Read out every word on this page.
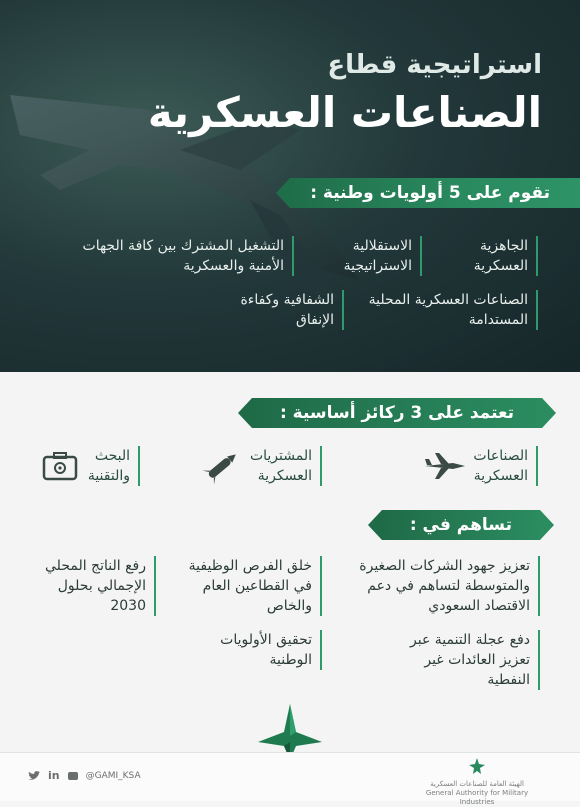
استراتيجية قطاع
الصناعات العسكرية
تقوم على 5 أولويات وطنية :
الجاهزية
العسكرية
الاستقلالية
الاستراتيجية
التشغيل المشترك بين كافة الجهات
الأمنية والعسكرية
الصناعات العسكرية المحلية
المستدامة
الشفافية وكفاءة
الإنفاق
تعتمد على 3 ركائز أساسية :
الصناعات
العسكرية
المشتريات
العسكرية
البحث
والتقنية
تساهم في :
تعزيز جهود الشركات الصغيرة
والمتوسطة لتساهم في دعم
الاقتصاد السعودي
خلق الفرص الوظيفية
في القطاعين العام
والخاص
رفع الناتج المحلي
الإجمالي بحلول
2030
دفع عجلة التنمية عبر
تعزيز العائدات غير
النفطية
تحقيق الأولويات
الوطنية
in	@GAMI_KSA
الهيئة العامة للصناعات العسكرية
General Authority for Military Industries
